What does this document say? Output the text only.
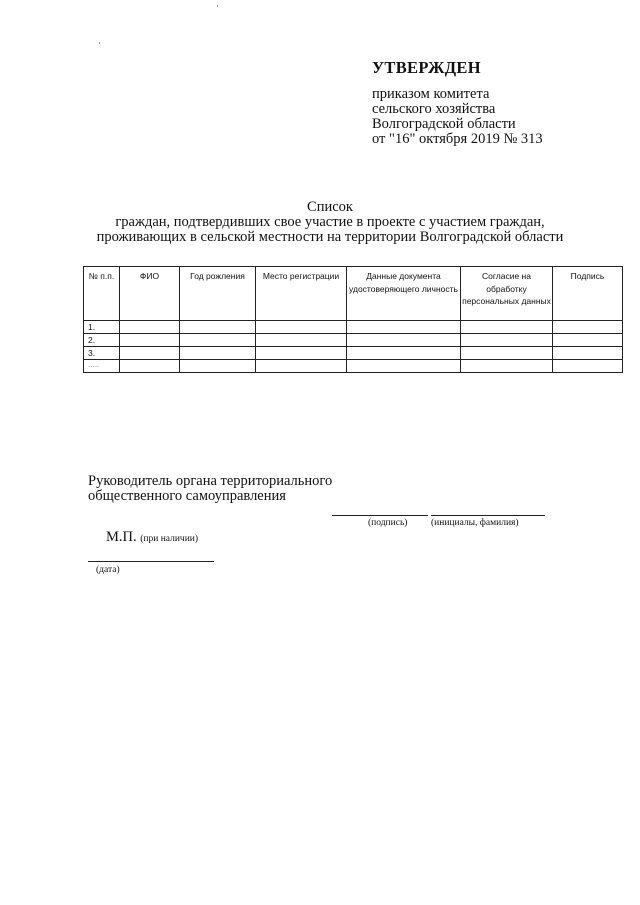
УТВЕРЖДЕН
приказом комитета
сельского хозяйства
Волгоградской области
от "16" октября 2019 № 313
Список
граждан, подтвердивших свое участие в проекте с участием граждан,
проживающих в сельской местности на территории Волгоградской области
№ п.п.	ФИО	Год рожления	Место регистрации	Данные документа удостоверяющего личность	Согласие на обработку персональных данных	Подпись
1.						
2.						
3.						
…..						
Руководитель органа территориального
общественного самоуправления
(подпись) (инициалы, фамилия)
М.П. (при наличии)
(дата)
